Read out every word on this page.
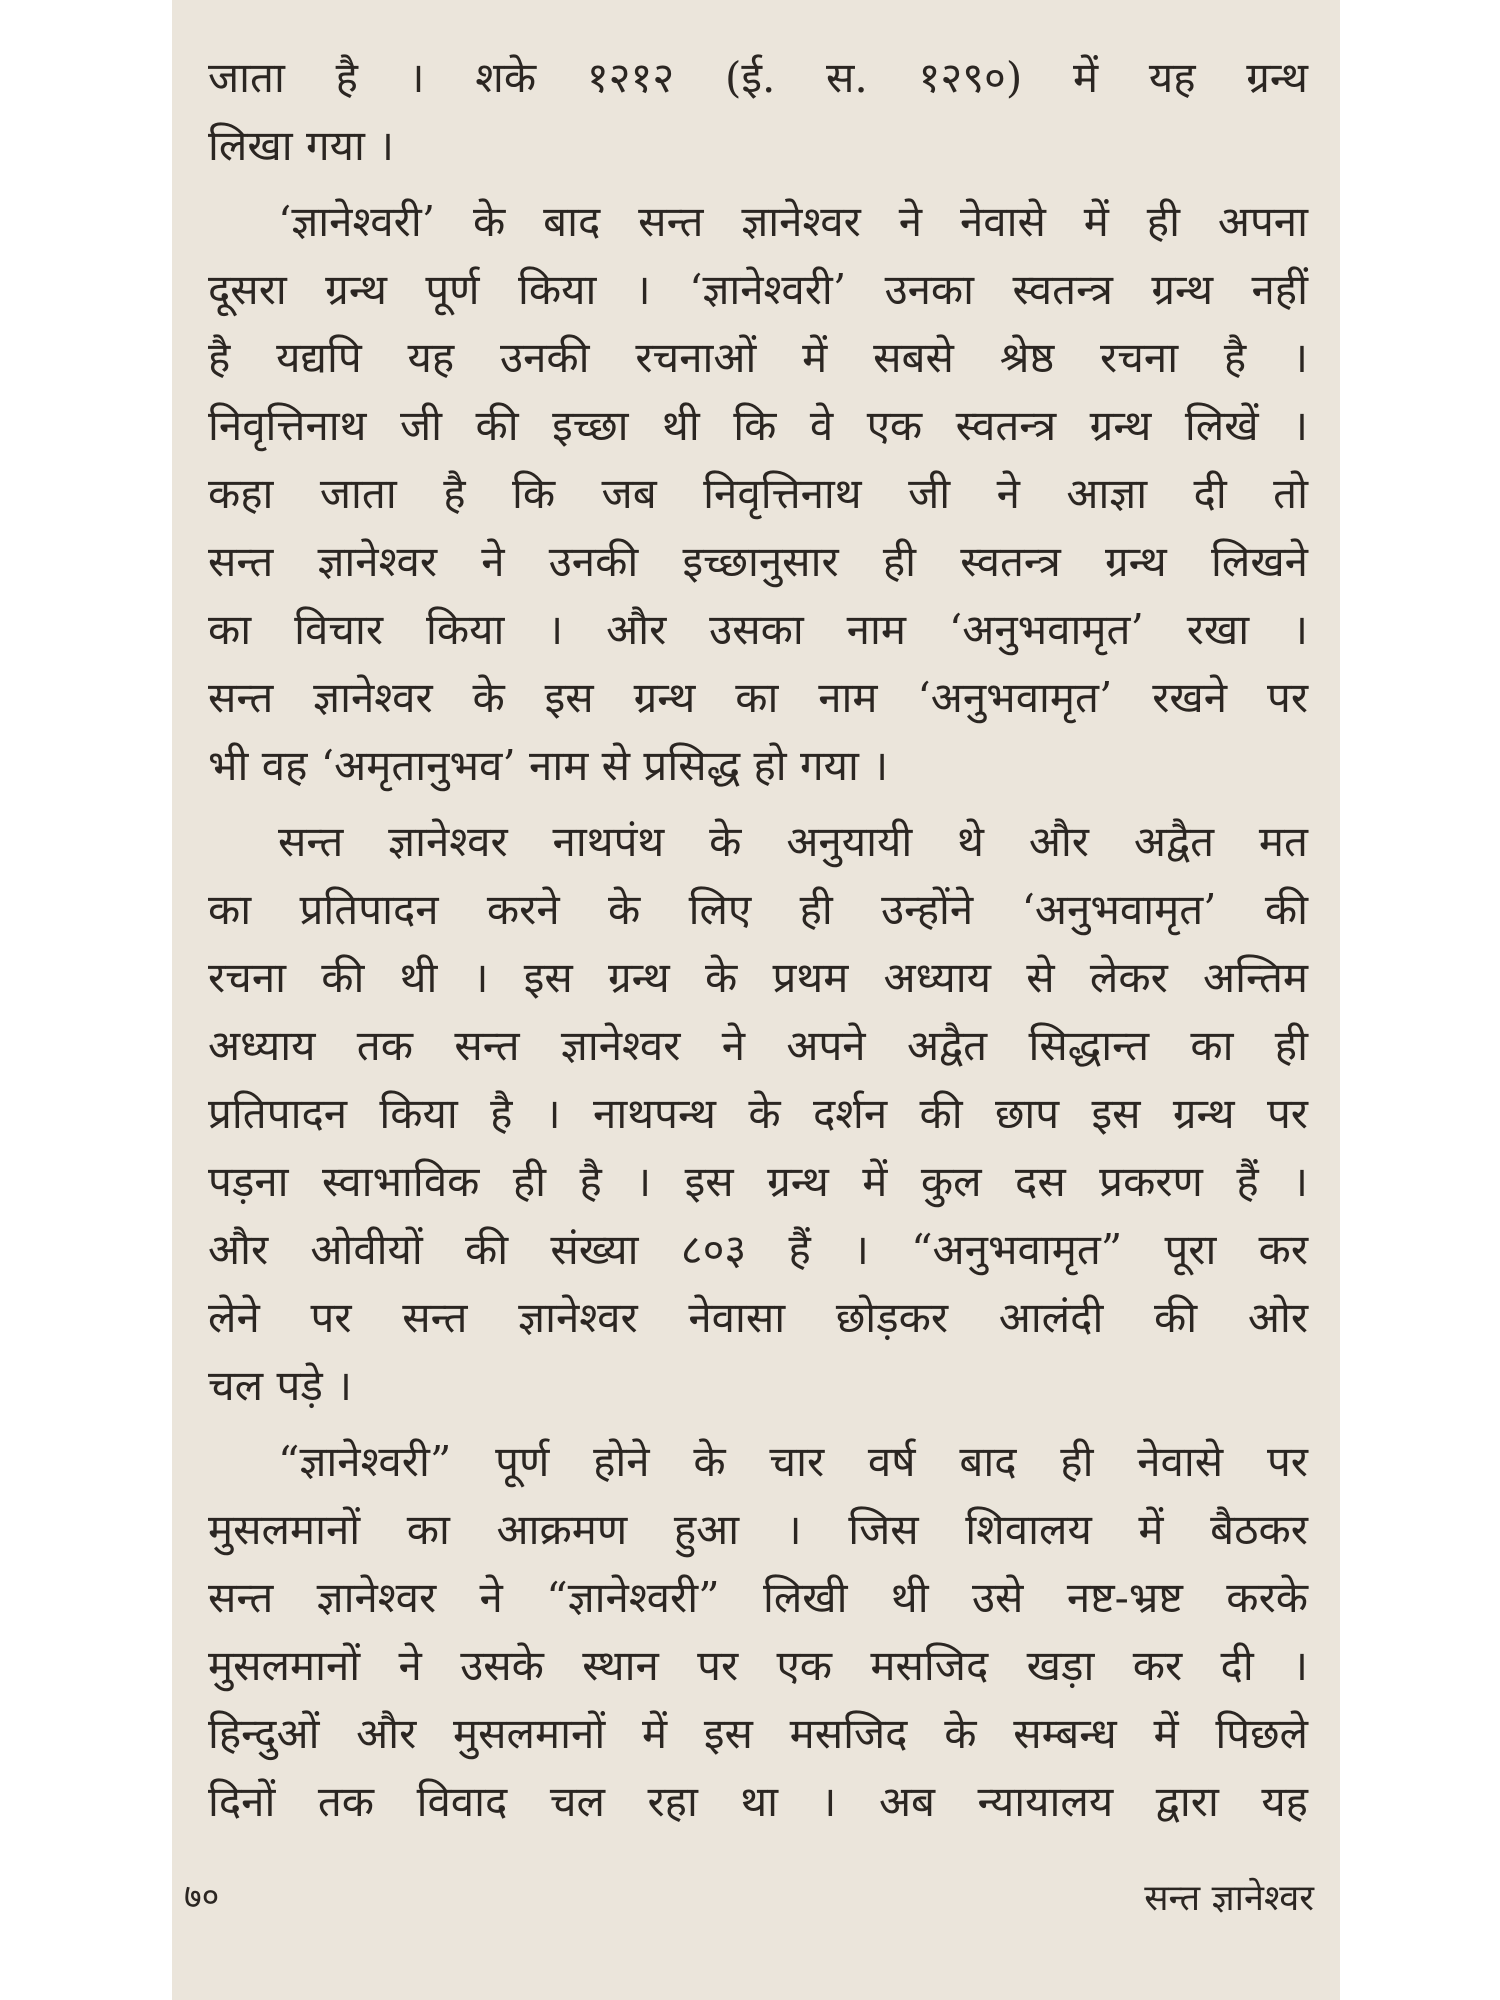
जाता है । शके १२१२ (ई. स. १२९०) में यह ग्रन्थ
लिखा गया ।
‘ज्ञानेश्वरी’ के बाद सन्त ज्ञानेश्वर ने नेवासे में ही अपना
दूसरा ग्रन्थ पूर्ण किया । ‘ज्ञानेश्वरी’ उनका स्वतन्त्र ग्रन्थ नहीं
है यद्यपि यह उनकी रचनाओं में सबसे श्रेष्ठ रचना है ।
निवृत्तिनाथ जी की इच्छा थी कि वे एक स्वतन्त्र ग्रन्थ लिखें ।
कहा जाता है कि जब निवृत्तिनाथ जी ने आज्ञा दी तो
सन्त ज्ञानेश्वर ने उनकी इच्छानुसार ही स्वतन्त्र ग्रन्थ लिखने
का विचार किया । और उसका नाम ‘अनुभवामृत’ रखा ।
सन्त ज्ञानेश्वर के इस ग्रन्थ का नाम ‘अनुभवामृत’ रखने पर
भी वह ‘अमृतानुभव’ नाम से प्रसिद्ध हो गया ।
सन्त ज्ञानेश्वर नाथपंथ के अनुयायी थे और अद्वैत मत
का प्रतिपादन करने के लिए ही उन्होंने ‘अनुभवामृत’ की
रचना की थी । इस ग्रन्थ के प्रथम अध्याय से लेकर अन्तिम
अध्याय तक सन्त ज्ञानेश्वर ने अपने अद्वैत सिद्धान्त का ही
प्रतिपादन किया है । नाथपन्थ के दर्शन की छाप इस ग्रन्थ पर
पड़ना स्वाभाविक ही है । इस ग्रन्थ में कुल दस प्रकरण हैं ।
और ओवीयों की संख्या ८०३ हैं । “अनुभवामृत” पूरा कर
लेने पर सन्त ज्ञानेश्वर नेवासा छोड़कर आलंदी की ओर
चल पड़े ।
“ज्ञानेश्वरी” पूर्ण होने के चार वर्ष बाद ही नेवासे पर
मुसलमानों का आक्रमण हुआ । जिस शिवालय में बैठकर
सन्त ज्ञानेश्वर ने “ज्ञानेश्वरी” लिखी थी उसे नष्ट-भ्रष्ट करके
मुसलमानों ने उसके स्थान पर एक मसजिद खड़ा कर दी ।
हिन्दुओं और मुसलमानों में इस मसजिद के सम्बन्ध में पिछले
दिनों तक विवाद चल रहा था । अब न्यायालय द्वारा यह
७०	सन्त ज्ञानेश्वर
